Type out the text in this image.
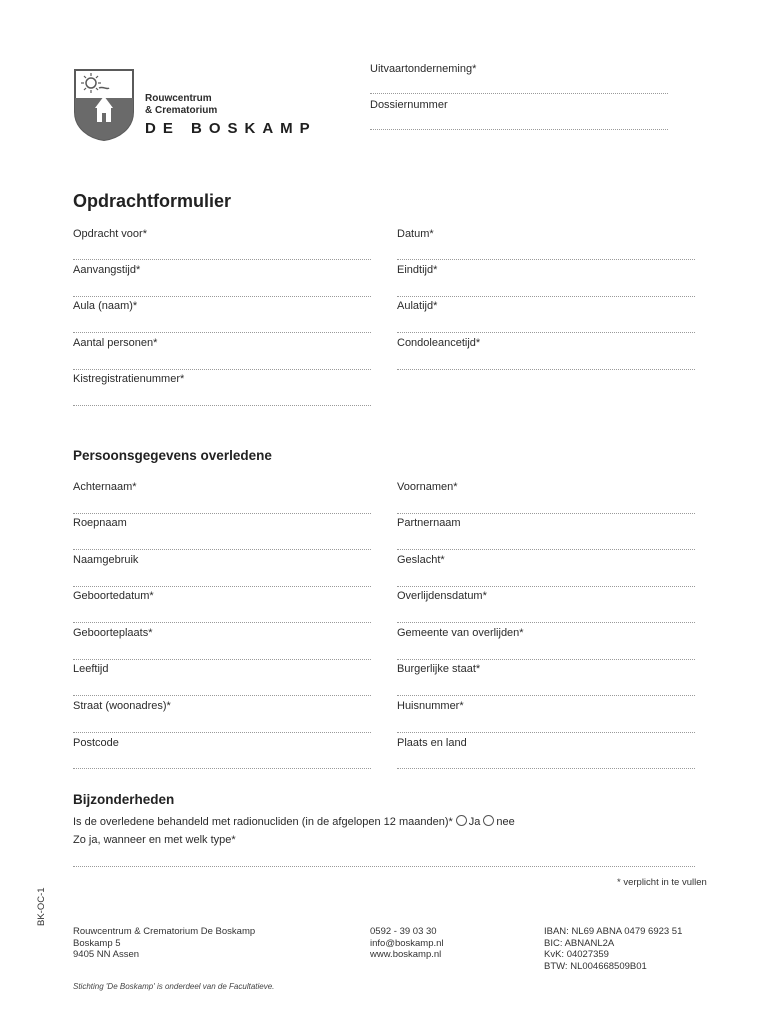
Rouwcentrum
& Crematorium
DE BOSKAMP
Uitvaartonderneming*
Dossiernummer
Opdrachtformulier
Opdracht voor*
Aanvangstijd*
Aula (naam)*
Aantal personen*
Kistregistratienummer*
Datum*
Eindtijd*
Aulatijd*
Condoleancetijd*
Persoonsgegevens overledene
Achternaam*
Roepnaam
Naamgebruik
Geboortedatum*
Geboorteplaats*
Leeftijd
Straat (woonadres)*
Postcode
Voornamen*
Partnernaam
Geslacht*
Overlijdensdatum*
Gemeente van overlijden*
Burgerlijke staat*
Huisnummer*
Plaats en land
Bijzonderheden
Is de overledene behandeld met radionucliden (in de afgelopen 12 maanden)* Ja nee
Zo ja, wanneer en met welk type*
* verplicht in te vullen
BK-OC-1
Rouwcentrum & Crematorium De Boskamp
Boskamp 5
9405 NN Assen
0592 - 39 03 30
info@boskamp.nl
www.boskamp.nl
IBAN: NL69 ABNA 0479 6923 51
BIC: ABNANL2A
KvK: 04027359
BTW: NL004668509B01
Stichting 'De Boskamp' is onderdeel van de Facultatieve.
